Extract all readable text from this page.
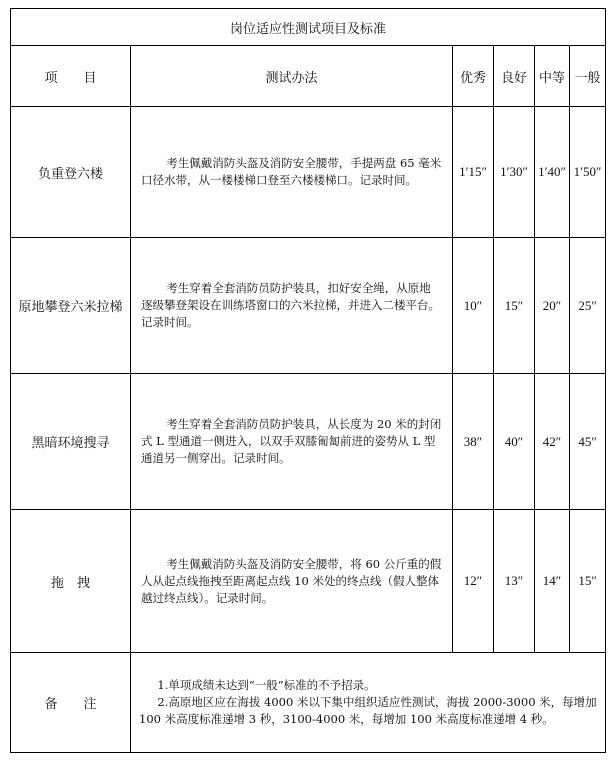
岗位适应性测试项目及标准					
项　　目	测试办法	优秀	良好	中等	一般
负重登六楼	考生佩戴消防头盔及消防安全腰带，手提两盘 65 毫米口径水带，从一楼楼梯口登至六楼楼梯口。记录时间。	1′15″	1′30″	1′40″	1′50″
原地攀登六米拉梯	考生穿着全套消防员防护装具，扣好安全绳，从原地逐级攀登架设在训练塔窗口的六米拉梯，并进入二楼平台。记录时间。	10″	15″	20″	25″
黑暗环境搜寻	考生穿着全套消防员防护装具，从长度为 20 米的封闭式 L 型通道一侧进入，以双手双膝匍匐前进的姿势从 L 型通道另一侧穿出。记录时间。	38″	40″	42″	45″
拖　拽	考生佩戴消防头盔及消防安全腰带，将 60 公斤重的假人从起点线拖拽至距离起点线 10 米处的终点线（假人整体越过终点线）。记录时间。	12″	13″	14″	15″
备　　注	1.单项成绩未达到“一般”标准的不予招录。

2.高原地区应在海拔 4000 米以下集中组织适应性测试，海拔 2000-3000 米，每增加 100 米高度标准递增 3 秒，3100-4000 米，每增加 100 米高度标准递增 4 秒。				
